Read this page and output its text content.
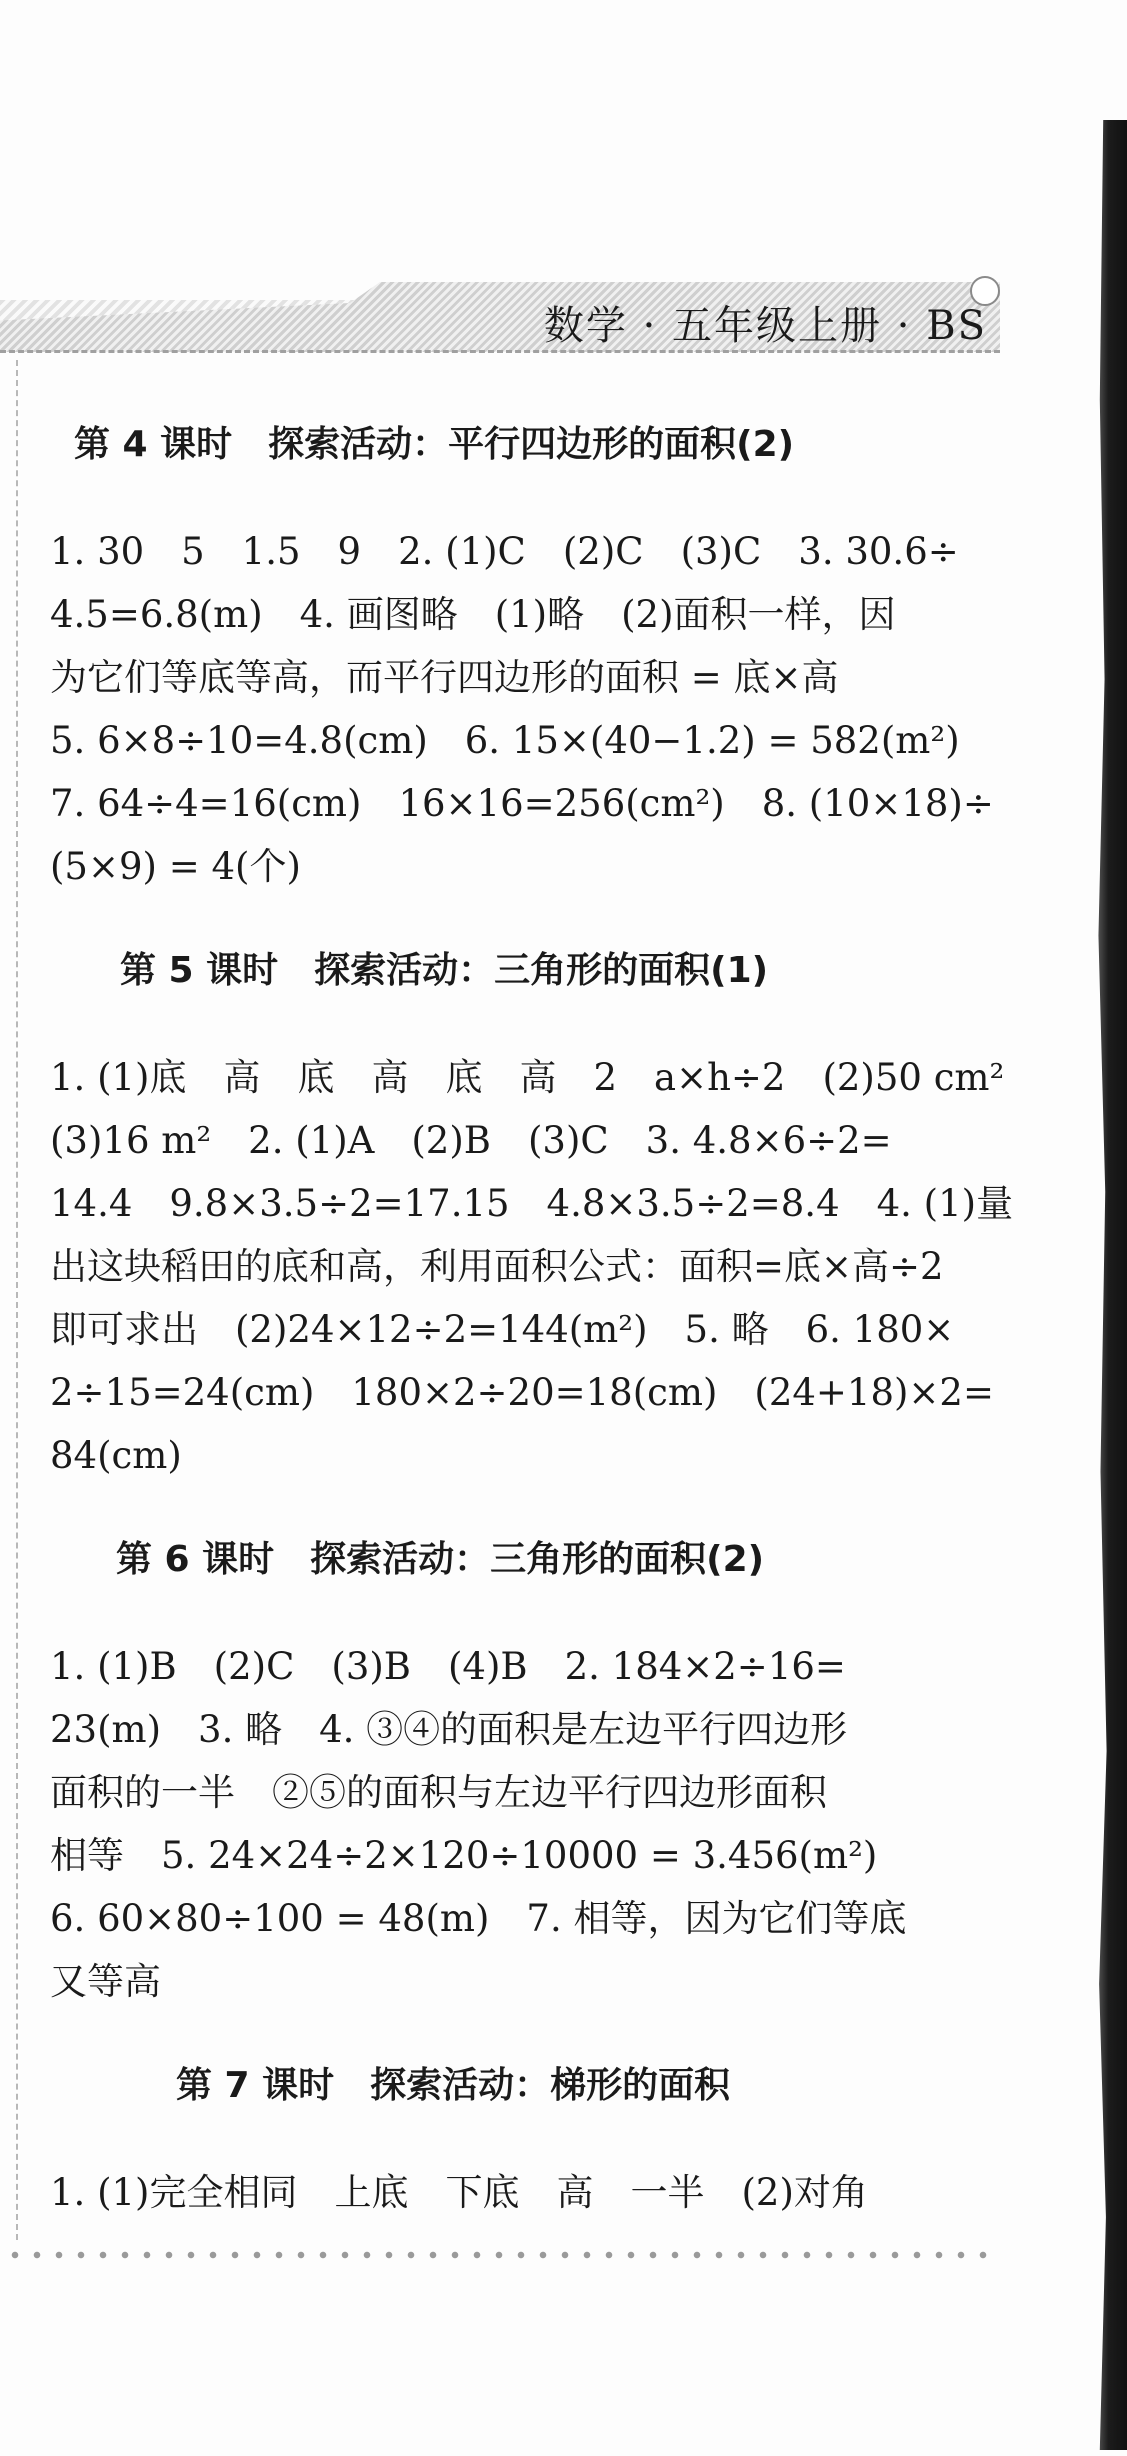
数学 · 五年级上册 · BS
第 4 课时　探索活动：平行四边形的面积(2)

1. 30　5　1.5　9　2. (1)C　(2)C　(3)C　3. 30.6÷

4.5=6.8(m)　4. 画图略　(1)略　(2)面积一样，因

为它们等底等高，而平行四边形的面积 = 底×高

5. 6×8÷10=4.8(cm)　6. 15×(40−1.2) = 582(m²)

7. 64÷4=16(cm)　16×16=256(cm²)　8. (10×18)÷

(5×9) = 4(个)

第 5 课时　探索活动：三角形的面积(1)

1. (1)底　高　底　高　底　高　2　a×h÷2　(2)50 cm²

(3)16 m²　2. (1)A　(2)B　(3)C　3. 4.8×6÷2=

14.4　9.8×3.5÷2=17.15　4.8×3.5÷2=8.4　4. (1)量

出这块稻田的底和高，利用面积公式：面积=底×高÷2

即可求出　(2)24×12÷2=144(m²)　5. 略　6. 180×

2÷15=24(cm)　180×2÷20=18(cm)　(24+18)×2=

84(cm)

第 6 课时　探索活动：三角形的面积(2)

1. (1)B　(2)C　(3)B　(4)B　2. 184×2÷16=

23(m)　3. 略　4. ③④的面积是左边平行四边形

面积的一半　②⑤的面积与左边平行四边形面积

相等　5. 24×24÷2×120÷10000 = 3.456(m²)

6. 60×80÷100 = 48(m)　7. 相等，因为它们等底

又等高

第 7 课时　探索活动：梯形的面积

1. (1)完全相同　上底　下底　高　一半　(2)对角
